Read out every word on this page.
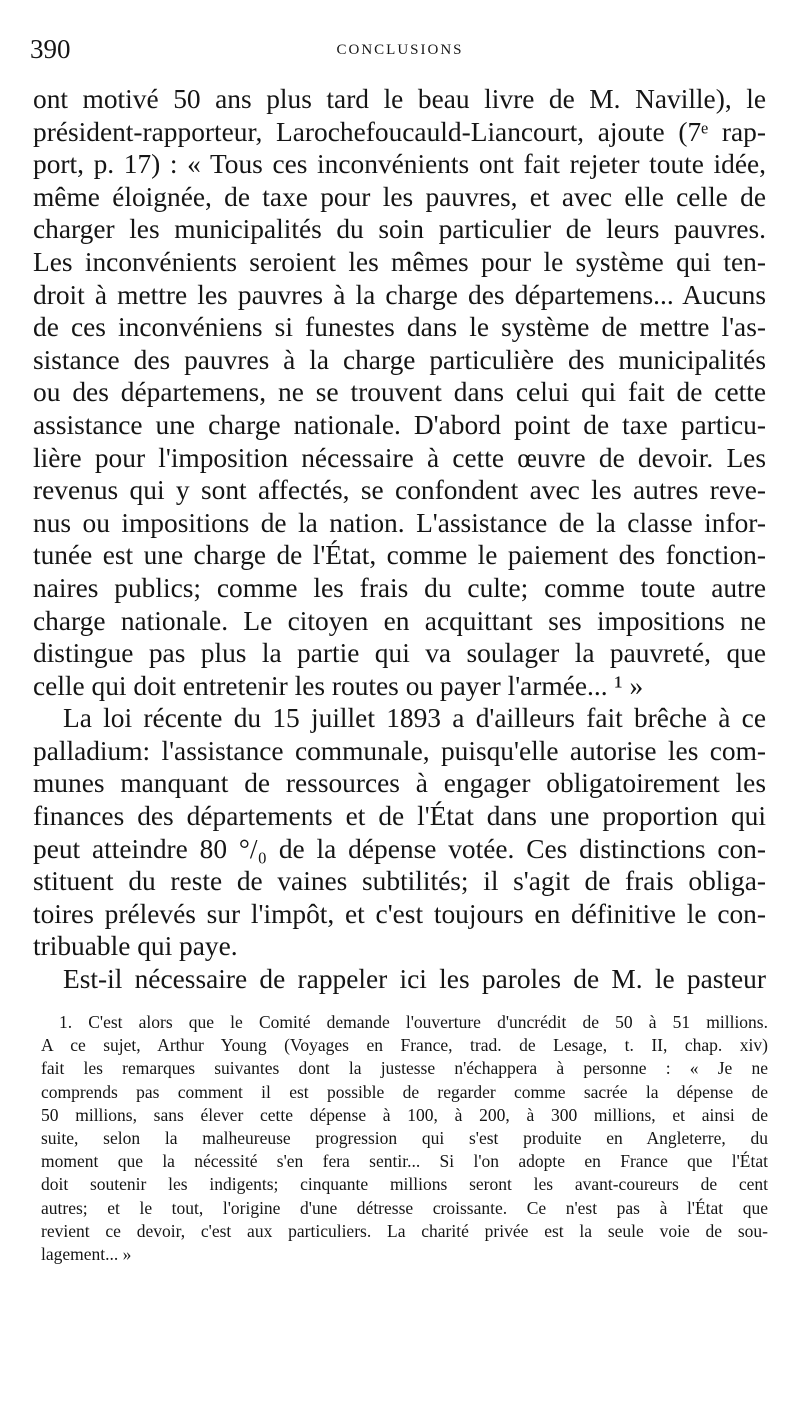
390	CONCLUSIONS
ont motivé 50 ans plus tard le beau livre de M. Naville), le
président-rapporteur, Larochefoucauld-Liancourt, ajoute (7ᵉ rap-
port, p. 17) : « Tous ces inconvénients ont fait rejeter toute idée,
même éloignée, de taxe pour les pauvres, et avec elle celle de
charger les municipalités du soin particulier de leurs pauvres.
Les inconvénients seroient les mêmes pour le système qui ten-
droit à mettre les pauvres à la charge des départemens... Aucuns
de ces inconvéniens si funestes dans le système de mettre l'as-
sistance des pauvres à la charge particulière des municipalités
ou des départemens, ne se trouvent dans celui qui fait de cette
assistance une charge nationale. D'abord point de taxe particu-
lière pour l'imposition nécessaire à cette œuvre de devoir. Les
revenus qui y sont affectés, se confondent avec les autres reve-
nus ou impositions de la nation. L'assistance de la classe infor-
tunée est une charge de l'État, comme le paiement des fonction-
naires publics; comme les frais du culte; comme toute autre
charge nationale. Le citoyen en acquittant ses impositions ne
distingue pas plus la partie qui va soulager la pauvreté, que
celle qui doit entretenir les routes ou payer l'armée... ¹ »
La loi récente du 15 juillet 1893 a d'ailleurs fait brêche à ce
palladium: l'assistance communale, puisqu'elle autorise les com-
munes manquant de ressources à engager obligatoirement les
finances des départements et de l'État dans une proportion qui
peut atteindre 80 °/₀ de la dépense votée. Ces distinctions con-
stituent du reste de vaines subtilités; il s'agit de frais obliga-
toires prélevés sur l'impôt, et c'est toujours en définitive le con-
tribuable qui paye.
Est-il nécessaire de rappeler ici les paroles de M. le pasteur
1. C'est alors que le Comité demande l'ouverture d'uncrédit de 50 à 51 millions.
A ce sujet, Arthur Young (Voyages en France, trad. de Lesage, t. II, chap. xiv)
fait les remarques suivantes dont la justesse n'échappera à personne : « Je ne
comprends pas comment il est possible de regarder comme sacrée la dépense de
50 millions, sans élever cette dépense à 100, à 200, à 300 millions, et ainsi de
suite, selon la malheureuse progression qui s'est produite en Angleterre, du
moment que la nécessité s'en fera sentir... Si l'on adopte en France que l'État
doit soutenir les indigents; cinquante millions seront les avant-coureurs de cent
autres; et le tout, l'origine d'une détresse croissante. Ce n'est pas à l'État que
revient ce devoir, c'est aux particuliers. La charité privée est la seule voie de sou-
lagement... »
